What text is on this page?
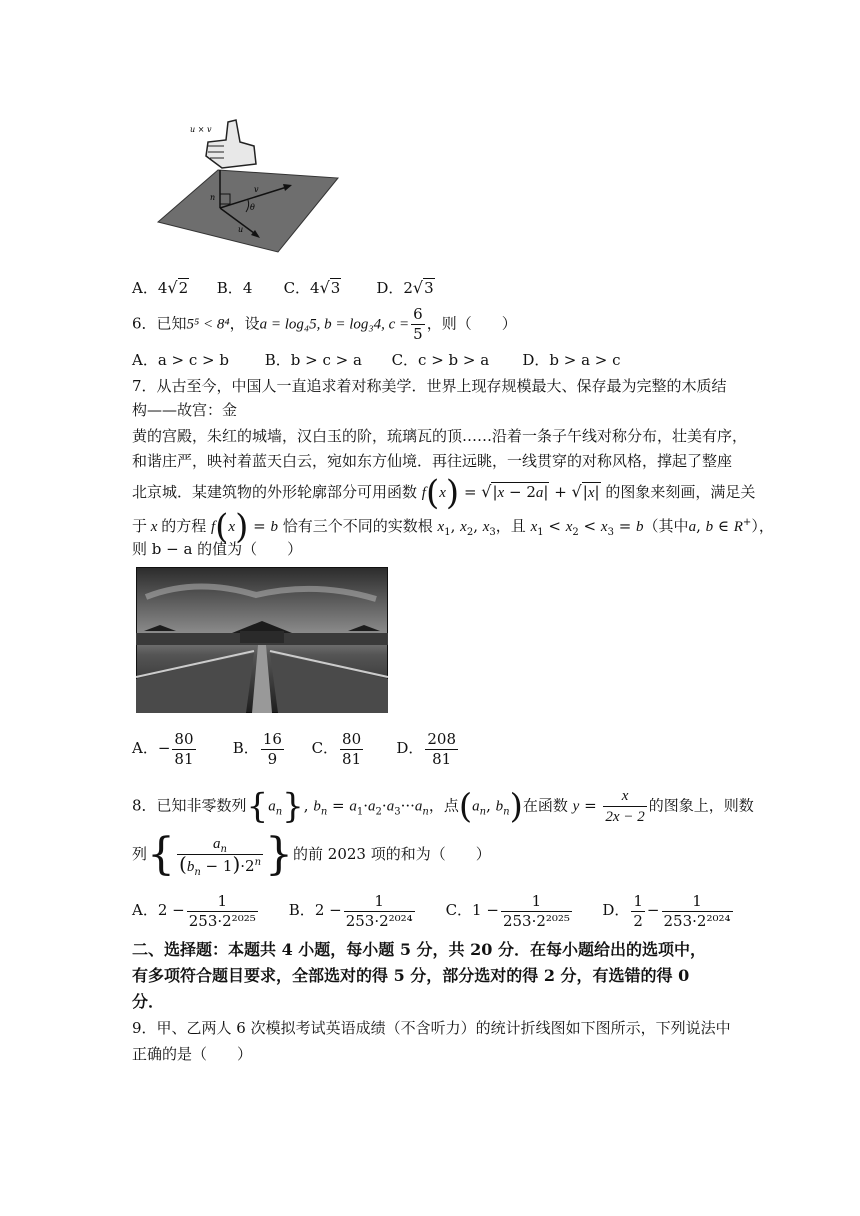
u × v
n
v
θ
u
A．4√2 B．4 C．4√3 D．2√3
6．已知5⁵ < 8⁴，设a = log₄5, b = log₃4, $c = \frac{6}{5}$ ，则（　　）
A．a > c > b B．b > c > a C．c > b > a D．b > a > c
7．从古至今，中国人一直追求着对称美学．世界上现存规模最大、保存最为完整的木质结
构——故宫：金
黄的宫殿，朱红的城墙，汉白玉的阶，琉璃瓦的顶……沿着一条子午线对称分布，壮美有序，
和谐庄严，映衬着蓝天白云，宛如东方仙境．再往远眺，一线贯穿的对称风格，撑起了整座
北京城．某建筑物的外形轮廓部分可用函数 f(x) = √|x − 2a| + √|x| 的图象来刻画，满足关
于 x 的方程 f(x) = b 恰有三个不同的实数根 $x_1$, $x_2$, $x_3$，且 $x_1 < x_2 < x_3 = b$（其中a, b ∈ R+），
则 b − a 的值为（　　）
A．− $\frac{80}{81}$ B． $\frac{16}{9}$ C． $\frac{80}{81}$ D． $\frac{208}{81}$
8．已知非零数列$\{a_n\}$, $b_n = a_1\cdot a_2\cdot a_3\cdot\cdot\cdot a_n$，点($a_n$, $b_n$)在函数 $y = \frac{x}{2x - 2}$ 的图象上，则数
列{ $\frac{a_n}{(b_n - 1)\cdot 2^n}$ }的前 2023 项的和为（　　）
A．$2 - \frac{1}{\text{253·2²⁰²⁵}}$ B．$2 - \frac{1}{\text{253·2²⁰²⁴}}$ C．$1 - \frac{1}{\text{253·2²⁰²⁵}}$ D． $\frac{1}{2} - \frac{1}{\text{253·2²⁰²⁴}}$
二、选择题：本题共 4 小题，每小题 5 分，共 20 分．在每小题给出的选项中，
有多项符合题目要求，全部选对的得 5 分，部分选对的得 2 分，有选错的得 0
分．
9．甲、乙两人 6 次模拟考试英语成绩（不含听力）的统计折线图如下图所示，下列说法中
正确的是（　　）
